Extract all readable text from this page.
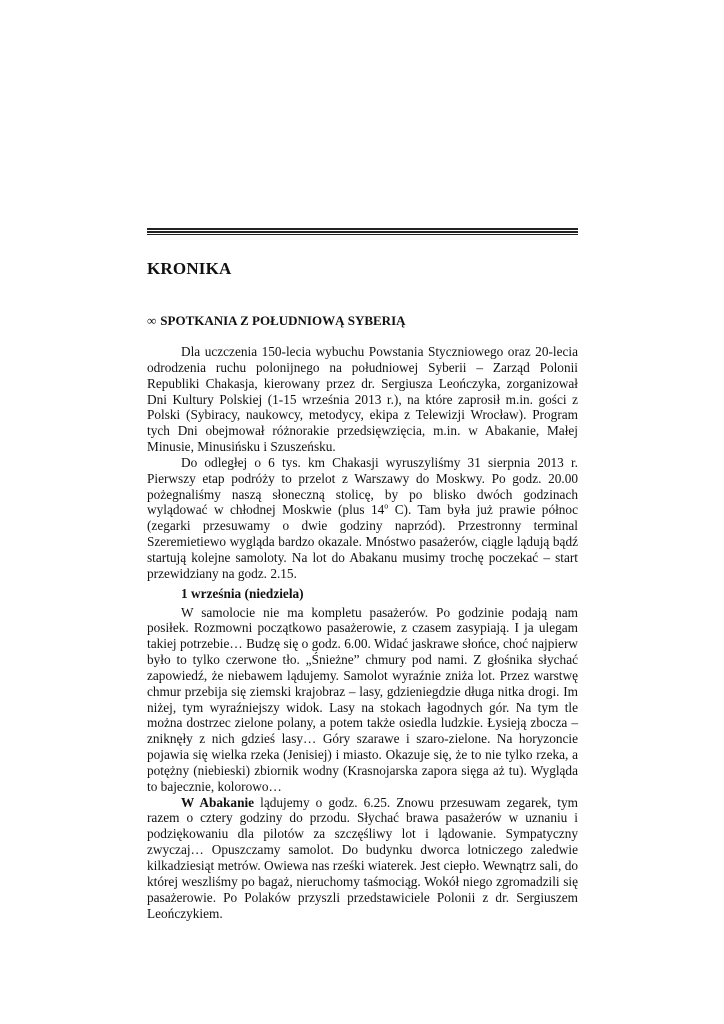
KRONIKA
∞ SPOTKANIA Z POŁUDNIOWĄ SYBERIĄ

Dla uczczenia 150-lecia wybuchu Powstania Styczniowego oraz 20-lecia odrodzenia ruchu polonijnego na południowej Syberii – Zarząd Polonii Republiki Chakasja, kierowany przez dr. Sergiusza Leończyka, zorganizował Dni Kultury Polskiej (1-15 września 2013 r.), na które zaprosił m.in. gości z Polski (Sybiracy, naukowcy, metodycy, ekipa z Telewizji Wrocław). Program tych Dni obejmował różnorakie przedsięwzięcia, m.in. w Abakanie, Małej Minusie, Minusińsku i Szuszeńsku.

Do odległej o 6 tys. km Chakasji wyruszyliśmy 31 sierpnia 2013 r. Pierwszy etap podróży to przelot z Warszawy do Moskwy. Po godz. 20.00 pożegnaliśmy naszą słoneczną stolicę, by po blisko dwóch godzinach wylądować w chłodnej Moskwie (plus 14$^o$ C). Tam była już prawie północ (zegarki przesuwamy o dwie godziny naprzód). Przestronny terminal Szeremietiewo wygląda bardzo okazale. Mnóstwo pasażerów, ciągle lądują bądź startują kolejne samoloty. Na lot do Abakanu musimy trochę poczekać – start przewidziany na godz. 2.15.

1 września (niedziela)

W samolocie nie ma kompletu pasażerów. Po godzinie podają nam posiłek. Rozmowni początkowo pasażerowie, z czasem zasypiają. I ja ulegam takiej potrzebie… Budzę się o godz. 6.00. Widać jaskrawe słońce, choć najpierw było to tylko czerwone tło. „Śnieżne” chmury pod nami. Z głośnika słychać zapowiedź, że niebawem lądujemy. Samolot wyraźnie zniża lot. Przez warstwę chmur przebija się ziemski krajobraz – lasy, gdzieniegdzie długa nitka drogi. Im niżej, tym wyraźniejszy widok. Lasy na stokach łagodnych gór. Na tym tle można dostrzec zielone polany, a potem także osiedla ludzkie. Łysieją zbocza – zniknęły z nich gdzieś lasy… Góry szarawe i szaro-zielone. Na horyzoncie pojawia się wielka rzeka (Jenisiej) i miasto. Okazuje się, że to nie tylko rzeka, a potężny (niebieski) zbiornik wodny (Krasnojarska zapora sięga aż tu). Wygląda to bajecznie, kolorowo…

W Abakanie lądujemy o godz. 6.25. Znowu przesuwam zegarek, tym razem o cztery godziny do przodu. Słychać brawa pasażerów w uznaniu i podziękowaniu dla pilotów za szczęśliwy lot i lądowanie. Sympatyczny zwyczaj… Opuszczamy samolot. Do budynku dworca lotniczego zaledwie kilkadziesiąt metrów. Owiewa nas rześki wiaterek. Jest ciepło. Wewnątrz sali, do której weszliśmy po bagaż, nieruchomy taśmociąg. Wokół niego zgromadzili się pasażerowie. Po Polaków przyszli przedstawiciele Polonii z dr. Sergiuszem Leończykiem.
